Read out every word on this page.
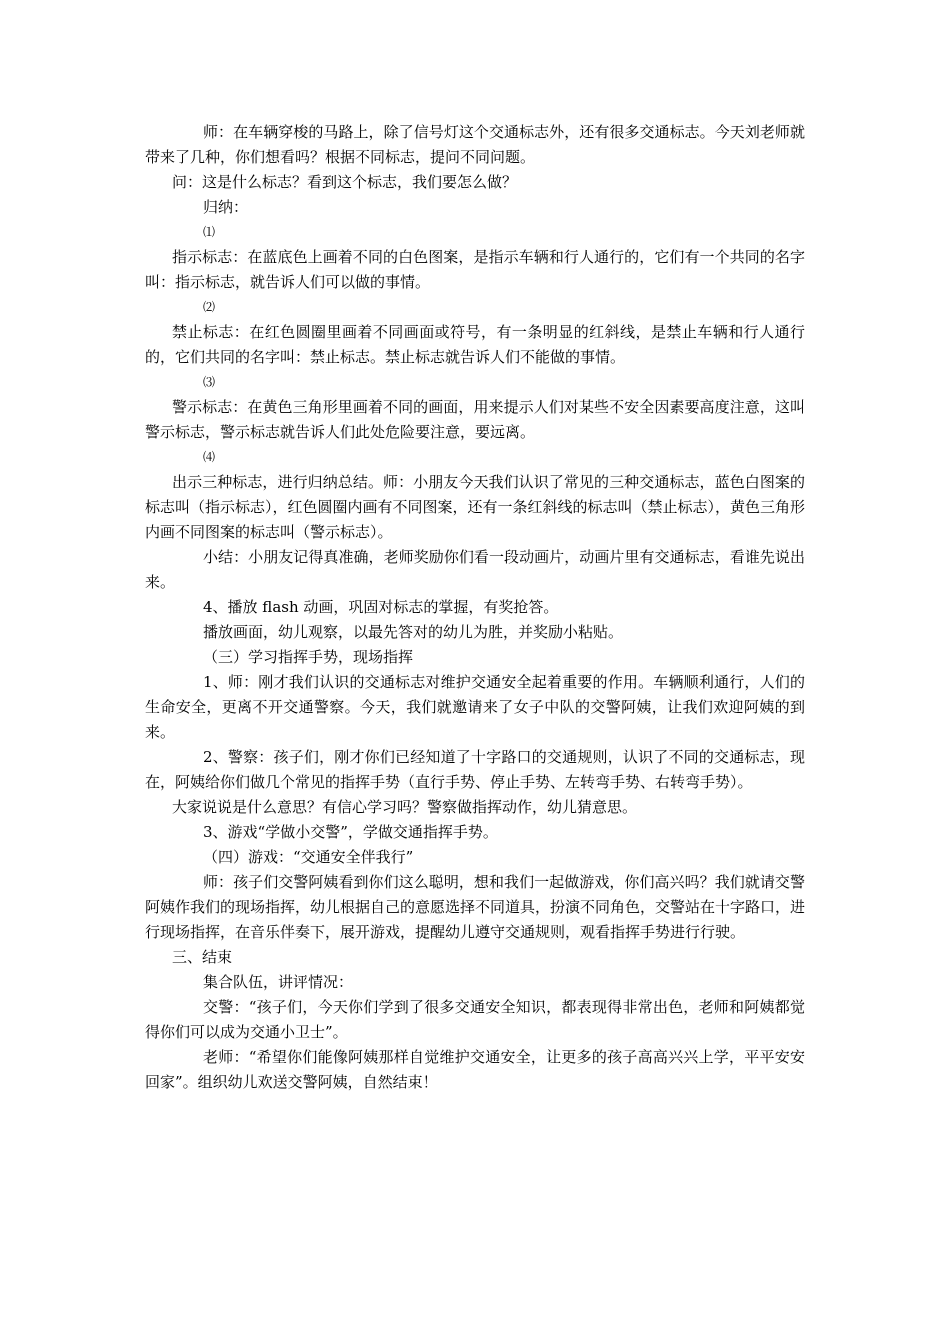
师：在车辆穿梭的马路上，除了信号灯这个交通标志外，还有很多交通标志。今天刘老师就带来了几种，你们想看吗？根据不同标志，提问不同问题。

问：这是什么标志？看到这个标志，我们要怎么做？

归纳：

⑴

指示标志：在蓝底色上画着不同的白色图案，是指示车辆和行人通行的，它们有一个共同的名字叫：指示标志，就告诉人们可以做的事情。

⑵

禁止标志：在红色圆圈里画着不同画面或符号，有一条明显的红斜线，是禁止车辆和行人通行的，它们共同的名字叫：禁止标志。禁止标志就告诉人们不能做的事情。

⑶

警示标志：在黄色三角形里画着不同的画面，用来提示人们对某些不安全因素要高度注意，这叫警示标志，警示标志就告诉人们此处危险要注意，要远离。

⑷

出示三种标志，进行归纳总结。师：小朋友今天我们认识了常见的三种交通标志，蓝色白图案的标志叫（指示标志），红色圆圈内画有不同图案，还有一条红斜线的标志叫（禁止标志），黄色三角形内画不同图案的标志叫（警示标志）。

小结：小朋友记得真准确，老师奖励你们看一段动画片，动画片里有交通标志，看谁先说出来。

4、播放 flash 动画，巩固对标志的掌握，有奖抢答。

播放画面，幼儿观察，以最先答对的幼儿为胜，并奖励小粘贴。

（三）学习指挥手势，现场指挥

1、师：刚才我们认识的交通标志对维护交通安全起着重要的作用。车辆顺利通行，人们的生命安全，更离不开交通警察。今天，我们就邀请来了女子中队的交警阿姨，让我们欢迎阿姨的到来。

2、警察：孩子们，刚才你们已经知道了十字路口的交通规则，认识了不同的交通标志，现在，阿姨给你们做几个常见的指挥手势（直行手势、停止手势、左转弯手势、右转弯手势）。

大家说说是什么意思？有信心学习吗？警察做指挥动作，幼儿猜意思。

3、游戏“学做小交警”，学做交通指挥手势。

（四）游戏：“交通安全伴我行”

师：孩子们交警阿姨看到你们这么聪明，想和我们一起做游戏，你们高兴吗？我们就请交警阿姨作我们的现场指挥，幼儿根据自己的意愿选择不同道具，扮演不同角色，交警站在十字路口，进行现场指挥，在音乐伴奏下，展开游戏，提醒幼儿遵守交通规则，观看指挥手势进行行驶。

三、结束

集合队伍，讲评情况：

交警：“孩子们，今天你们学到了很多交通安全知识，都表现得非常出色，老师和阿姨都觉得你们可以成为交通小卫士”。

老师：“希望你们能像阿姨那样自觉维护交通安全，让更多的孩子高高兴兴上学，平平安安回家”。组织幼儿欢送交警阿姨，自然结束！
